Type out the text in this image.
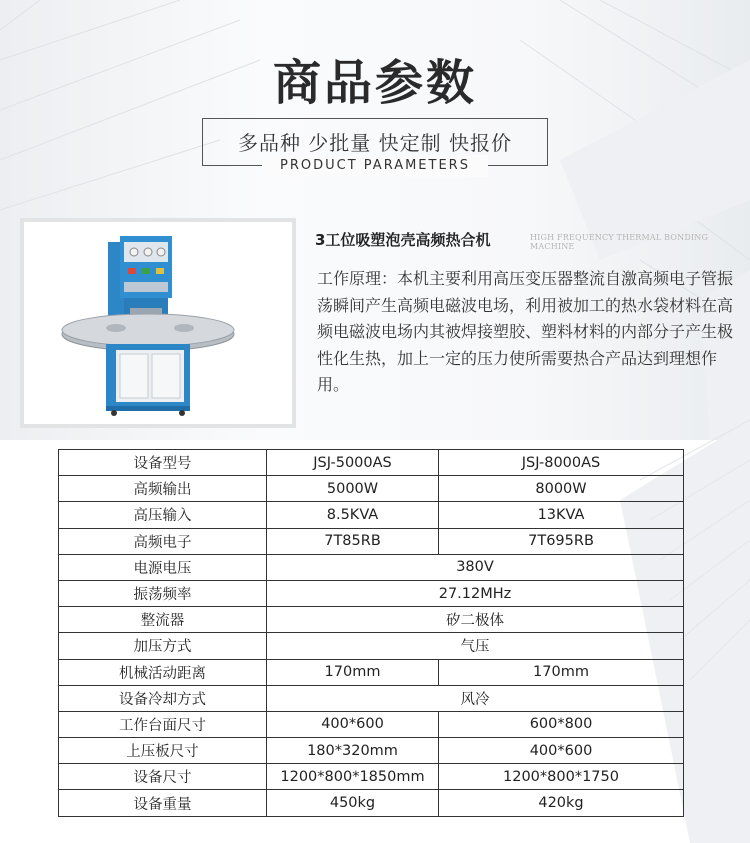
商品参数
多品种 少批量 快定制 快报价
PRODUCT PARAMETERS
3工位吸塑泡壳高频热合机	HIGH FREQUENCY THERMAL BONDING MACHINE
工作原理：本机主要利用高压变压器整流自激高频电子管振荡瞬间产生高频电磁波电场，利用被加工的热水袋材料在高频电磁波电场内其被焊接塑胶、塑料材料的内部分子产生极性化生热，加上一定的压力使所需要热合产品达到理想作用。
设备型号	JSJ-5000AS	JSJ-8000AS
高频输出	5000W	8000W
高压输入	8.5KVA	13KVA
高频电子	7T85RB	7T695RB
电源电压	380V	
振荡频率	27.12MHz	
整流器	矽二极体	
加压方式	气压	
机械活动距离	170mm	170mm
设备冷却方式	风冷	
工作台面尺寸	400*600	600*800
上压板尺寸	180*320mm	400*600
设备尺寸	1200*800*1850mm	1200*800*1750
设备重量	450kg	420kg
